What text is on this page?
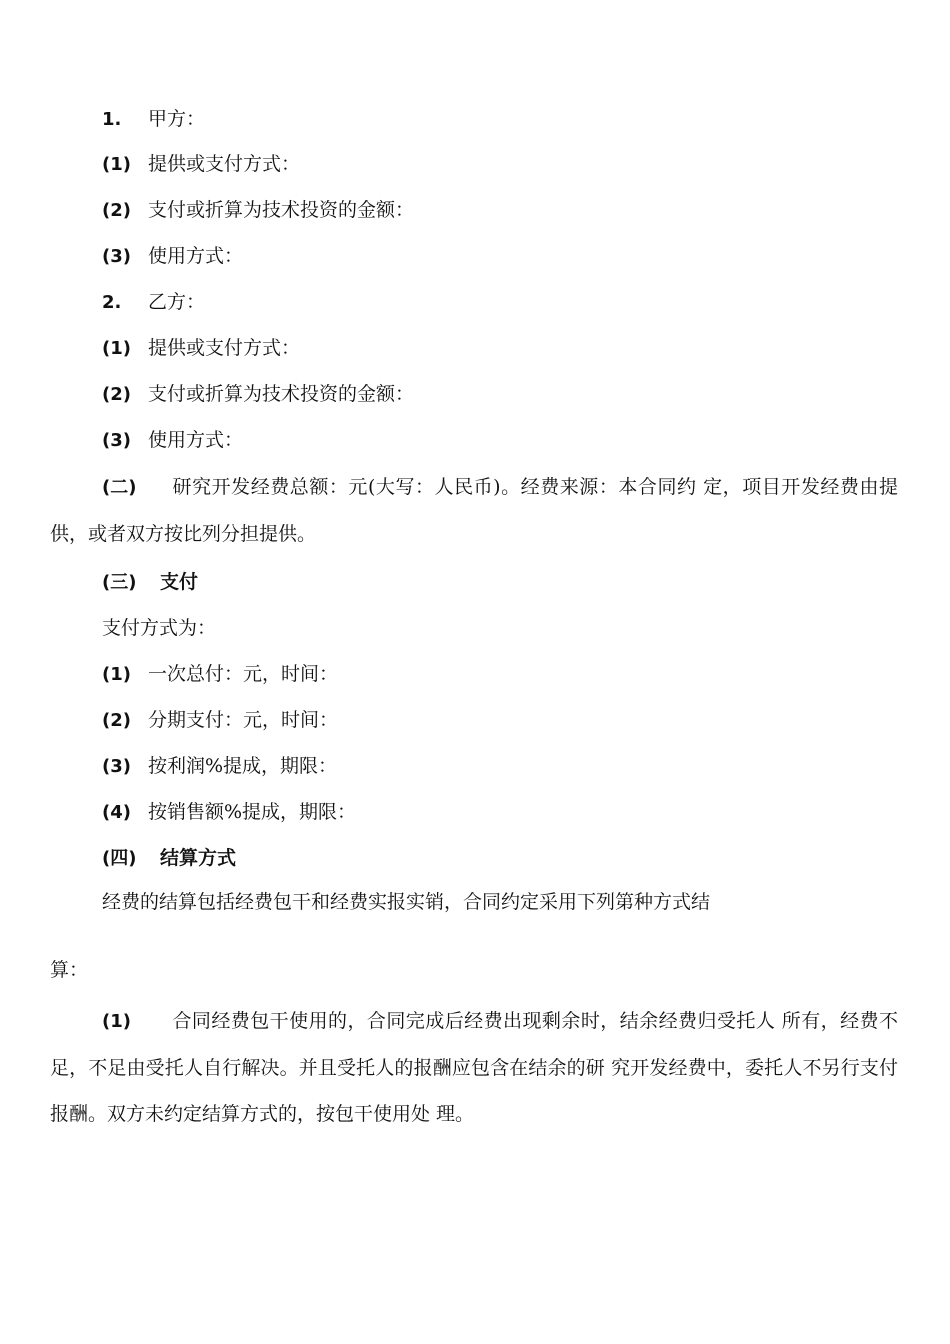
1. 甲方：
(1) 提供或支付方式：
(2) 支付或折算为技术投资的金额：
(3) 使用方式：
2. 乙方：
(1) 提供或支付方式：
(2) 支付或折算为技术投资的金额：
(3) 使用方式：
(二) 研究开发经费总额：元(大写：人民币)。经费来源：本合同约 定，项目开发经费由提供，或者双方按比列分担提供。
(三) 支付
支付方式为：
(1) 一次总付：元，时间：
(2) 分期支付：元，时间：
(3) 按利润%提成，期限：
(4) 按销售额%提成，期限：
(四) 结算方式
经费的结算包括经费包干和经费实报实销，合同约定采用下列第种方式结
算：
(1) 合同经费包干使用的，合同完成后经费出现剩余时，结余经费归受托人 所有，经费不足，不足由受托人自行解决。并且受托人的报酬应包含在结余的研 究开发经费中，委托人不另行支付报酬。双方未约定结算方式的，按包干使用处 理。
